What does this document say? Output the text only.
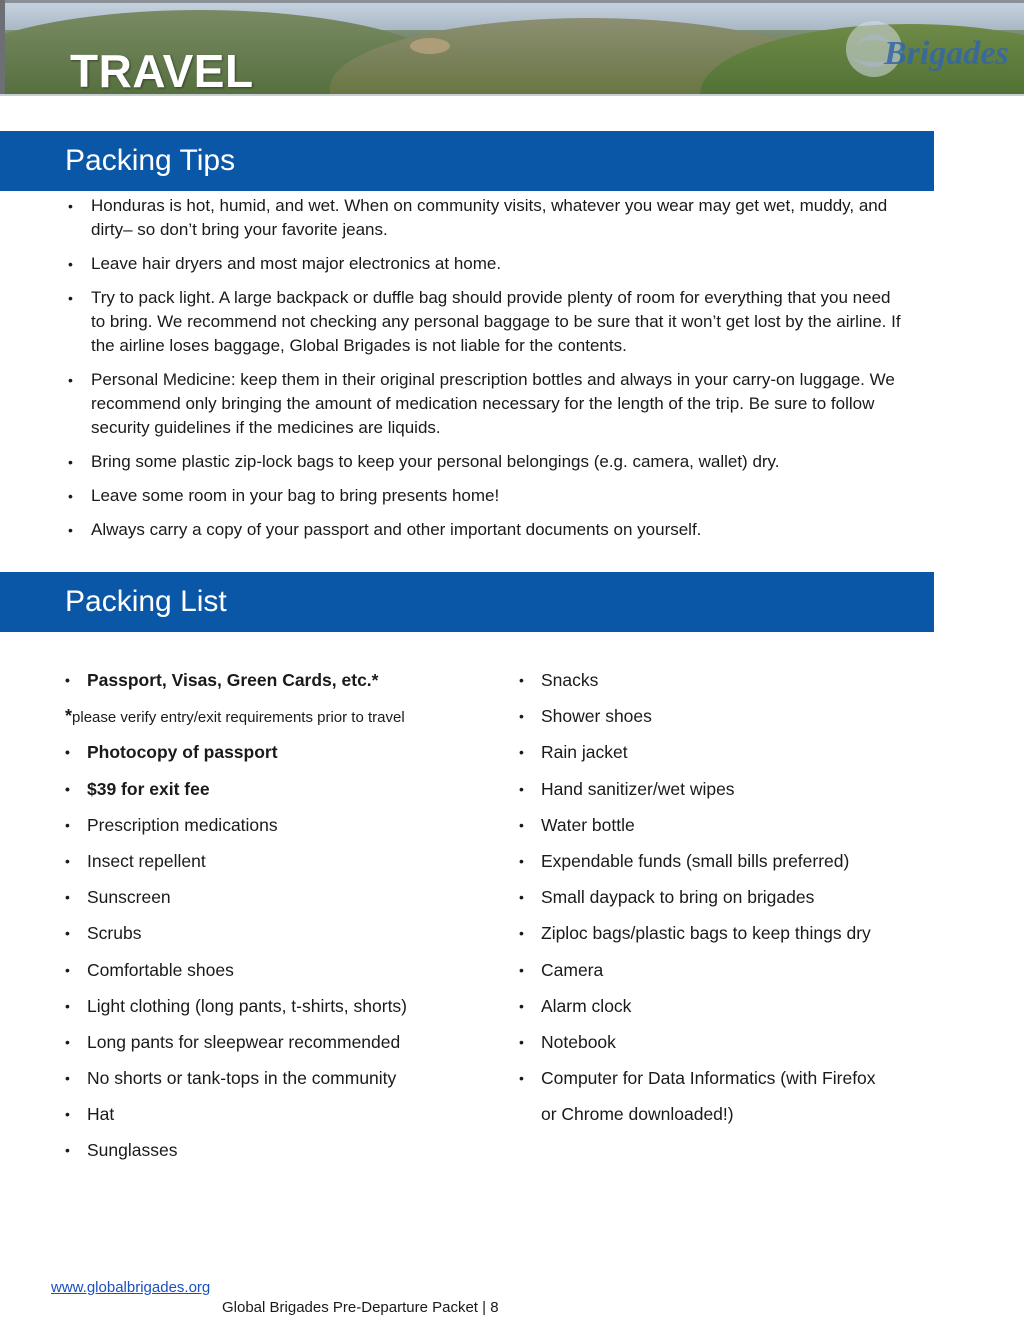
Brigades
TRAVEL
Packing Tips
• Honduras is hot, humid, and wet. When on community visits, whatever you wear may get wet, muddy, and dirty– so don’t bring your favorite jeans.
• Leave hair dryers and most major electronics at home.
• Try to pack light. A large backpack or duffle bag should provide plenty of room for everything that you need to bring. We recommend not checking any personal baggage to be sure that it won’t get lost by the airline. If the airline loses baggage, Global Brigades is not liable for the contents.
• Personal Medicine: keep them in their original prescription bottles and always in your carry-on luggage. We recommend only bringing the amount of medication necessary for the length of the trip. Be sure to follow security guidelines if the medicines are liquids.
• Bring some plastic zip-lock bags to keep your personal belongings (e.g. camera, wallet) dry.
• Leave some room in your bag to bring presents home!
• Always carry a copy of your passport and other important documents on yourself.
Packing List
• Passport, Visas, Green Cards, etc.*
*please verify entry/exit requirements prior to travel
• Photocopy of passport
• $39 for exit fee
• Prescription medications
• Insect repellent
• Sunscreen
• Scrubs
• Comfortable shoes
• Light clothing (long pants, t-shirts, shorts)
• Long pants for sleepwear recommended
• No shorts or tank-tops in the community
• Hat
• Sunglasses
• Snacks
• Shower shoes
• Rain jacket
• Hand sanitizer/wet wipes
• Water bottle
• Expendable funds (small bills preferred)
• Small daypack to bring on brigades
• Ziploc bags/plastic bags to keep things dry
• Camera
• Alarm clock
• Notebook
• Computer for Data Informatics (with Firefox
or Chrome downloaded!)
www.globalbrigades.org
Global Brigades Pre-Departure Packet | 8
